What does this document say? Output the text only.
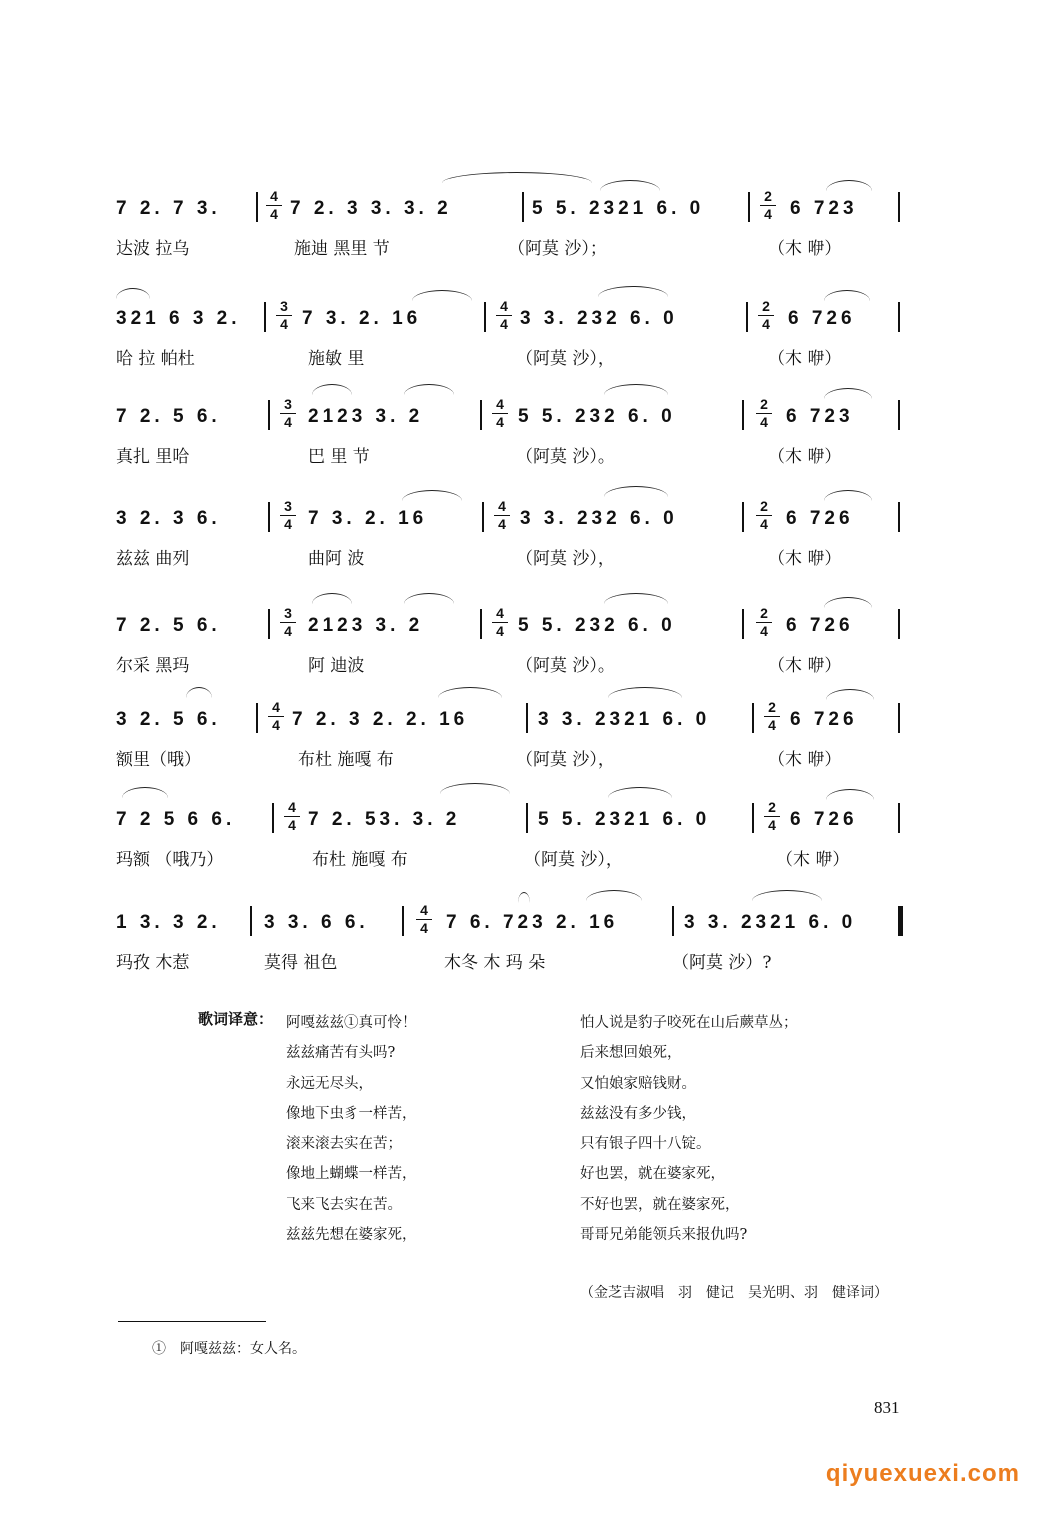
7 2. 7 3.
4
4 7 2. 3 3. 3. 2	5 5. 2321 6. 0
2
4 6 723
达波 拉乌	施迪 黑里 节	（阿莫 沙）；	（木 咿）
321 6 3 2.
3
4 7 3. 2. 16
4
4 3 3. 232 6. 0
2
4 6 726
哈 拉 帕杜	施敏 里	（阿莫 沙），	（木 咿）
7 2. 5 6.
3
4 2123 3. 2
4
4 5 5. 232 6. 0
2
4 6 723
真扎 里哈	巴 里 节	（阿莫 沙）。	（木 咿）
3 2. 3 6.
3
4 7 3. 2. 16
4
4 3 3. 232 6. 0
2
4 6 726
兹兹 曲列	曲阿 波	（阿莫 沙），	（木 咿）
7 2. 5 6.
3
4 2123 3. 2
4
4 5 5. 232 6. 0
2
4 6 726
尔采 黑玛	阿 迪波	（阿莫 沙）。	（木 咿）
3 2. 5 6.
4
4 7 2. 3 2. 2. 16	3 3. 2321 6. 0
2
4 6 726
额里（哦）	布杜 施嘎 布	（阿莫 沙），	（木 咿）
7 2 5 6 6.
4
4 7 2. 53. 3. 2	5 5. 2321 6. 0
2
4 6 726
玛额 （哦乃）	布杜 施嘎 布	（阿莫 沙），	（木 咿）
1 3. 3 2. 3 3. 6 6.
4
4 7 6. 723 2. 16	3 3. 2321 6. 0
玛孜 木惹	莫得 祖色	木冬 木 玛 朵	（阿莫 沙）?
歌词译意： 阿嘎兹兹①真可怜！
兹兹痛苦有头吗?
永远无尽头，
像地下虫豸一样苦，
滚来滚去实在苦；
像地上蝴蝶一样苦，
飞来飞去实在苦。
兹兹先想在婆家死，
怕人说是豹子咬死在山后蕨草丛；
后来想回娘死，
又怕娘家赔钱财。
兹兹没有多少钱，
只有银子四十八锭。
好也罢，就在婆家死，
不好也罢，就在婆家死，
哥哥兄弟能领兵来报仇吗?
（金芝吉淑唱　羽　健记　吴光明、羽　健译词）
①　阿嘎兹兹：女人名。
831
qiyuexuexi.com
